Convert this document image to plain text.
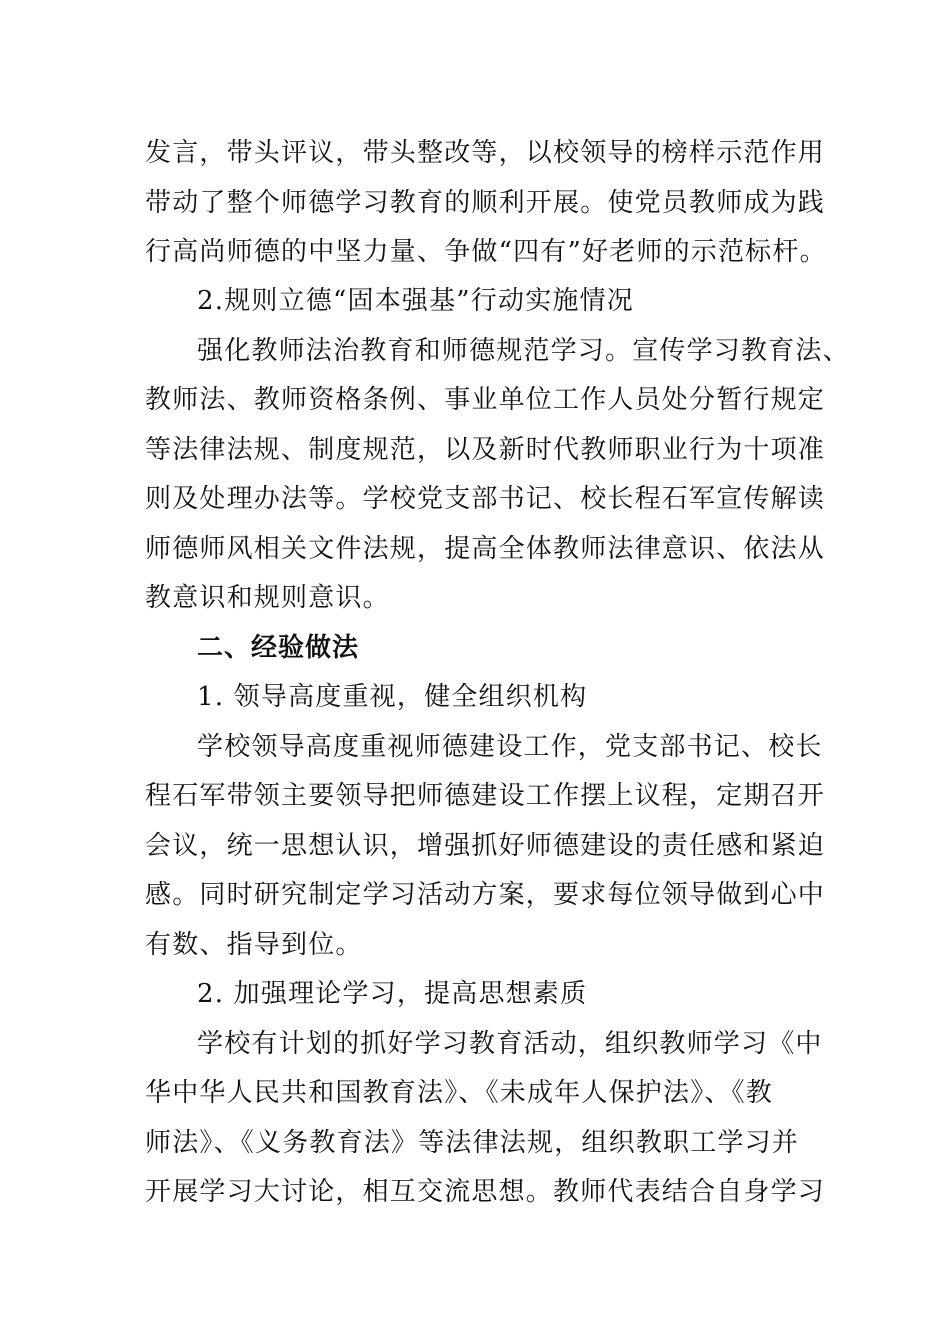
发言，带头评议，带头整改等，以校领导的榜样示范作用
带动了整个师德学习教育的顺利开展。使党员教师成为践
行高尚师德的中坚力量、争做“四有”好老师的示范标杆。
2.规则立德“固本强基”行动实施情况
强化教师法治教育和师德规范学习。宣传学习教育法、
教师法、教师资格条例、事业单位工作人员处分暂行规定
等法律法规、制度规范，以及新时代教师职业行为十项准
则及处理办法等。学校党支部书记、校长程石军宣传解读
师德师风相关文件法规，提高全体教师法律意识、依法从
教意识和规则意识。
二、经验做法
1. 领导高度重视，健全组织机构
学校领导高度重视师德建设工作，党支部书记、校长
程石军带领主要领导把师德建设工作摆上议程，定期召开
会议，统一思想认识，增强抓好师德建设的责任感和紧迫
感。同时研究制定学习活动方案，要求每位领导做到心中
有数、指导到位。
2. 加强理论学习，提高思想素质
学校有计划的抓好学习教育活动，组织教师学习《中
华中华人民共和国教育法》、《未成年人保护法》、《教
师法》、《义务教育法》等法律法规，组织教职工学习并
开展学习大讨论，相互交流思想。教师代表结合自身学习
